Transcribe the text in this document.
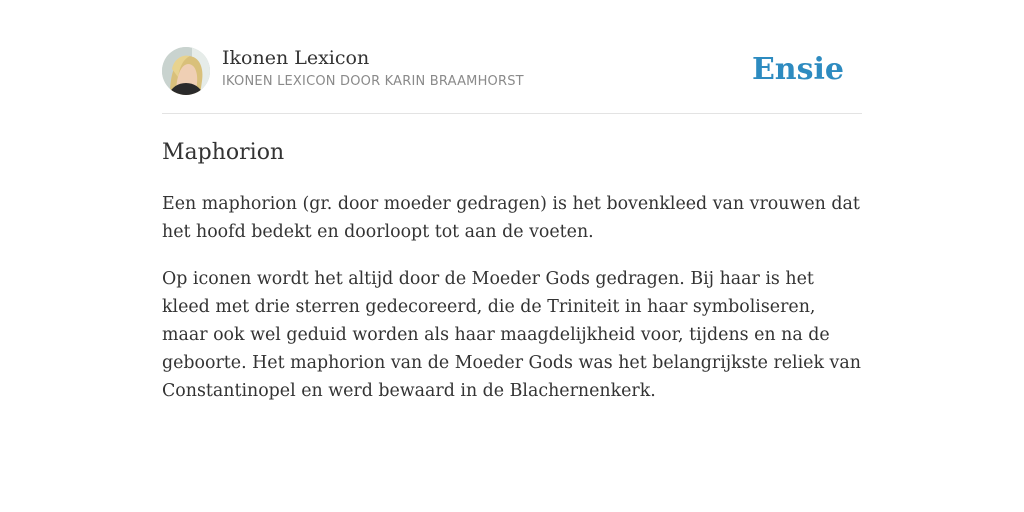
Ikonen Lexicon
IKONEN LEXICON DOOR KARIN BRAAMHORST	Ensie
Maphorion

Een maphorion (gr. door moeder gedragen) is het bovenkleed van vrouwen dat het hoofd bedekt en doorloopt tot aan de voeten.

Op iconen wordt het altijd door de Moeder Gods gedragen. Bij haar is het kleed met drie sterren gedecoreerd, die de Triniteit in haar symboliseren, maar ook wel geduid worden als haar maagdelijkheid voor, tijdens en na de geboorte. Het maphorion van de Moeder Gods was het belangrijkste reliek van Constantinopel en werd bewaard in de Blachernenkerk.
